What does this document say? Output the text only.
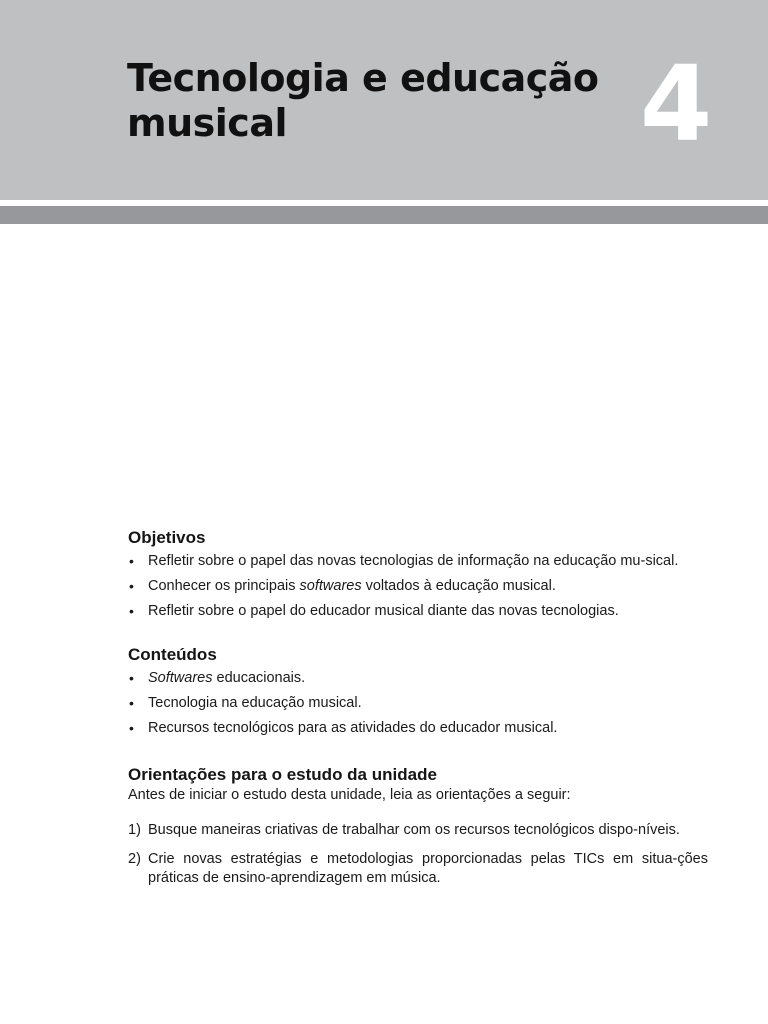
Tecnologia e educação musical	4
Objetivos
• Refletir sobre o papel das novas tecnologias de informação na educação mu-sical.
• Conhecer os principais softwares voltados à educação musical.
• Refletir sobre o papel do educador musical diante das novas tecnologias.
Conteúdos
• Softwares educacionais.
• Tecnologia na educação musical.
• Recursos tecnológicos para as atividades do educador musical.
Orientações para o estudo da unidade

Antes de iniciar o estudo desta unidade, leia as orientações a seguir:

1) Busque maneiras criativas de trabalhar com os recursos tecnológicos dispo-níveis.
2) Crie novas estratégias e metodologias proporcionadas pelas TICs em situa-ções práticas de ensino-aprendizagem em música.
